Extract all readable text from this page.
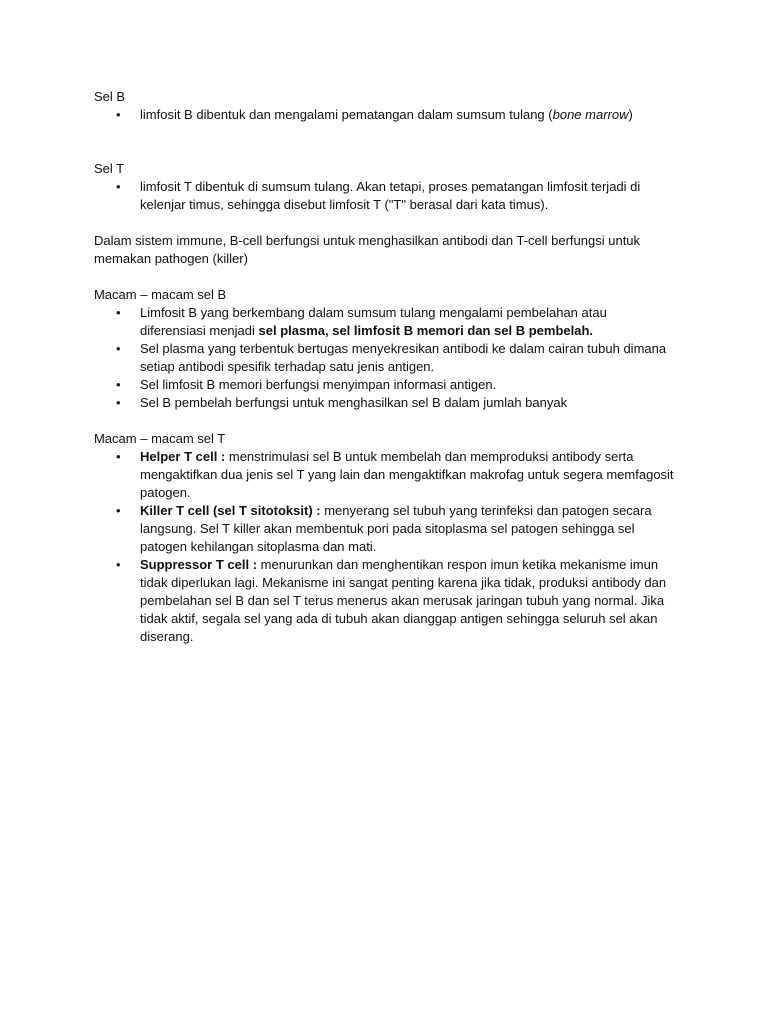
Sel B
• limfosit B dibentuk dan mengalami pematangan dalam sumsum tulang (bone marrow)
Sel T
• limfosit T dibentuk di sumsum tulang. Akan tetapi, proses pematangan limfosit terjadi di kelenjar timus, sehingga disebut limfosit T ("T" berasal dari kata timus).

Dalam sistem immune, B-cell berfungsi untuk menghasilkan antibodi dan T-cell berfungsi untuk memakan pathogen (killer)

Macam – macam sel B
• Limfosit B yang berkembang dalam sumsum tulang mengalami pembelahan atau diferensiasi menjadi sel plasma, sel limfosit B memori dan sel B pembelah.
• Sel plasma yang terbentuk bertugas menyekresikan antibodi ke dalam cairan tubuh dimana setiap antibodi spesifik terhadap satu jenis antigen.
• Sel limfosit B memori berfungsi menyimpan informasi antigen.
• Sel B pembelah berfungsi untuk menghasilkan sel B dalam jumlah banyak
Macam – macam sel T
• Helper T cell : menstrimulasi sel B untuk membelah dan memproduksi antibody serta mengaktifkan dua jenis sel T yang lain dan mengaktifkan makrofag untuk segera memfagosit patogen.
• Killer T cell (sel T sitotoksit) : menyerang sel tubuh yang terinfeksi dan patogen secara langsung. Sel T killer akan membentuk pori pada sitoplasma sel patogen sehingga sel patogen kehilangan sitoplasma dan mati.
• Suppressor T cell : menurunkan dan menghentikan respon imun ketika mekanisme imun tidak diperlukan lagi. Mekanisme ini sangat penting karena jika tidak, produksi antibody dan pembelahan sel B dan sel T terus menerus akan merusak jaringan tubuh yang normal. Jika tidak aktif, segala sel yang ada di tubuh akan dianggap antigen sehingga seluruh sel akan diserang.
